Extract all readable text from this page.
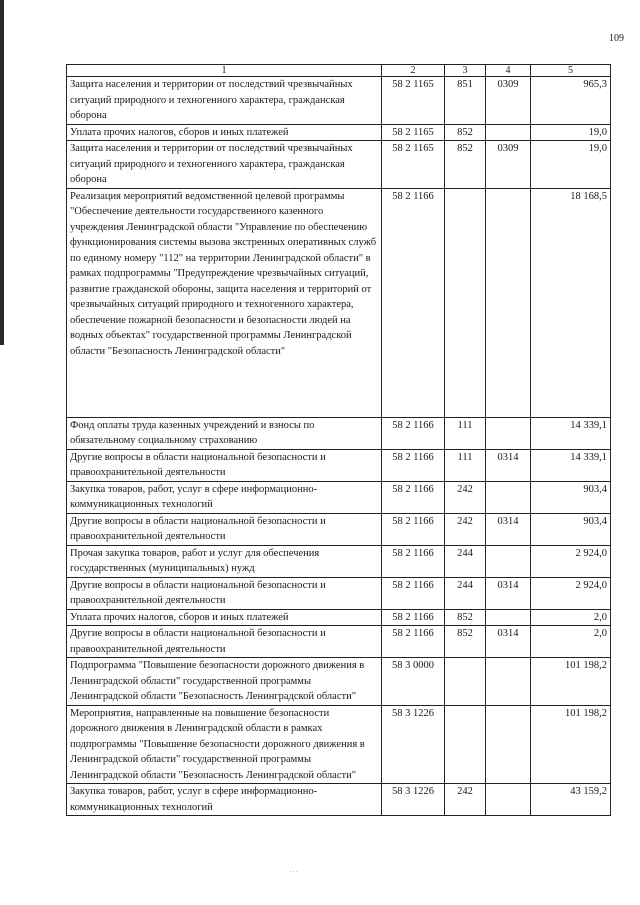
109
1	2	3	4	5
Защита населения и территории от последствий чрезвычайных ситуаций природного и техногенного характера, гражданская оборона	58 2 1165	851	0309	965,3
Уплата прочих налогов, сборов и иных платежей	58 2 1165	852		19,0
Защита населения и территории от последствий чрезвычайных ситуаций природного и техногенного характера, гражданская оборона	58 2 1165	852	0309	19,0
Реализация мероприятий ведомственной целевой программы "Обеспечение деятельности государственного казенного учреждения Ленинградской области "Управление по обеспечению функционирования системы вызова экстренных оперативных служб по единому номеру "112" на территории Ленинградской области" в рамках подпрограммы "Предупреждение чрезвычайных ситуаций, развитие гражданской обороны, защита населения и территорий от чрезвычайных ситуаций природного и техногенного характера, обеспечение пожарной безопасности и безопасности людей на водных объектах" государственной программы Ленинградской области "Безопасность Ленинградской области"	58 2 1166			18 168,5
Фонд оплаты труда казенных учреждений и взносы по обязательному социальному страхованию	58 2 1166	111		14 339,1
Другие вопросы в области национальной безопасности и правоохранительной деятельности	58 2 1166	111	0314	14 339,1
Закупка товаров, работ, услуг в сфере информационно-коммуникационных технологий	58 2 1166	242		903,4
Другие вопросы в области национальной безопасности и правоохранительной деятельности	58 2 1166	242	0314	903,4
Прочая закупка товаров, работ и услуг для обеспечения государственных (муниципальных) нужд	58 2 1166	244		2 924,0
Другие вопросы в области национальной безопасности и правоохранительной деятельности	58 2 1166	244	0314	2 924,0
Уплата прочих налогов, сборов и иных платежей	58 2 1166	852		2,0
Другие вопросы в области национальной безопасности и правоохранительной деятельности	58 2 1166	852	0314	2,0
Подпрограмма "Повышение безопасности дорожного движения в Ленинградской области" государственной программы Ленинградской области "Безопасность Ленинградской области"	58 3 0000			101 198,2
Мероприятия, направленные на повышение безопасности дорожного движения в Ленинградской области в рамках подпрограммы "Повышение безопасности дорожного движения в Ленинградской области" государственной программы Ленинградской области "Безопасность Ленинградской области"	58 3 1226			101 198,2
Закупка товаров, работ, услуг в сфере информационно-коммуникационных технологий	58 3 1226	242		43 159,2
. . .
